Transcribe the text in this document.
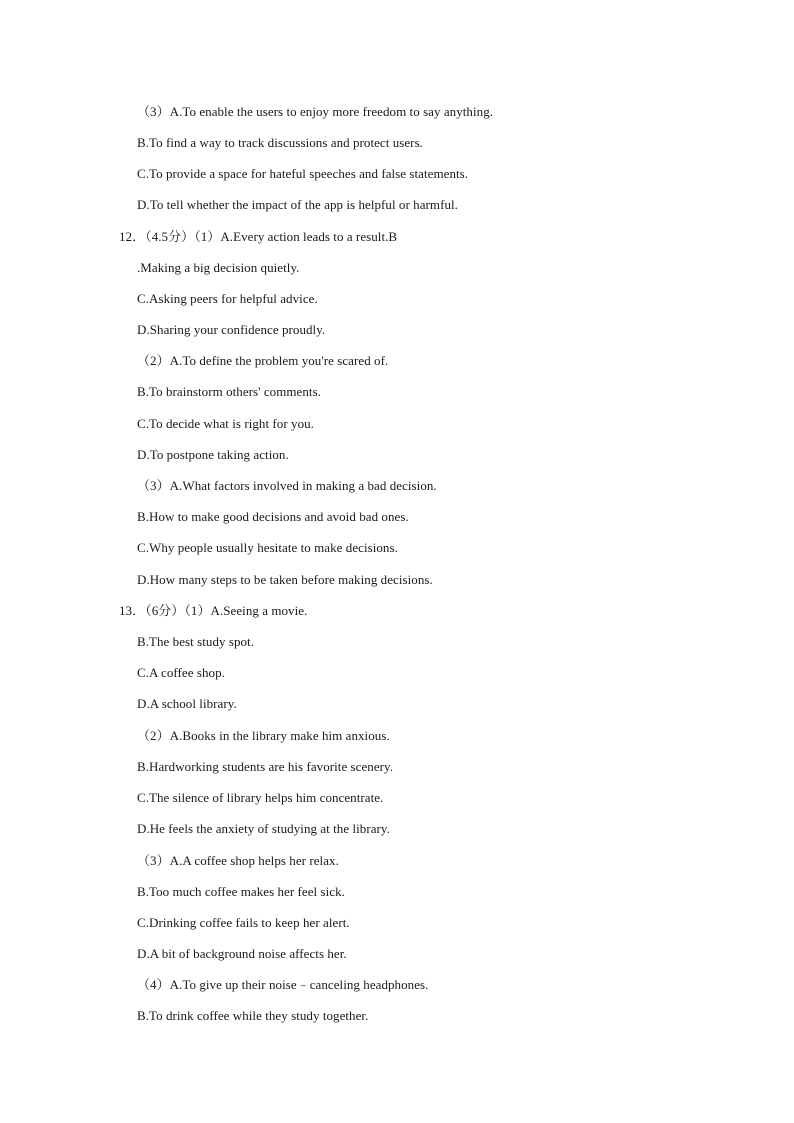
（3）A.To enable the users to enjoy more freedom to say anything.
B.To find a way to track discussions and protect users.
C.To provide a space for hateful speeches and false statements.
D.To tell whether the impact of the app is helpful or harmful.
12．（4.5分）（1）A.Every action leads to a result.B
.Making a big decision quietly.
C.Asking peers for helpful advice.
D.Sharing your confidence proudly.
（2）A.To define the problem you're scared of.
B.To brainstorm others' comments.
C.To decide what is right for you.
D.To postpone taking action.
（3）A.What factors involved in making a bad decision.
B.How to make good decisions and avoid bad ones.
C.Why people usually hesitate to make decisions.
D.How many steps to be taken before making decisions.
13．（6分）（1）A.Seeing a movie.
B.The best study spot.
C.A coffee shop.
D.A school library.
（2）A.Books in the library make him anxious.
B.Hardworking students are his favorite scenery.
C.The silence of library helps him concentrate.
D.He feels the anxiety of studying at the library.
（3）A.A coffee shop helps her relax.
B.Too much coffee makes her feel sick.
C.Drinking coffee fails to keep her alert.
D.A bit of background noise affects her.
（4）A.To give up their noise﹣canceling headphones.
B.To drink coffee while they study together.
